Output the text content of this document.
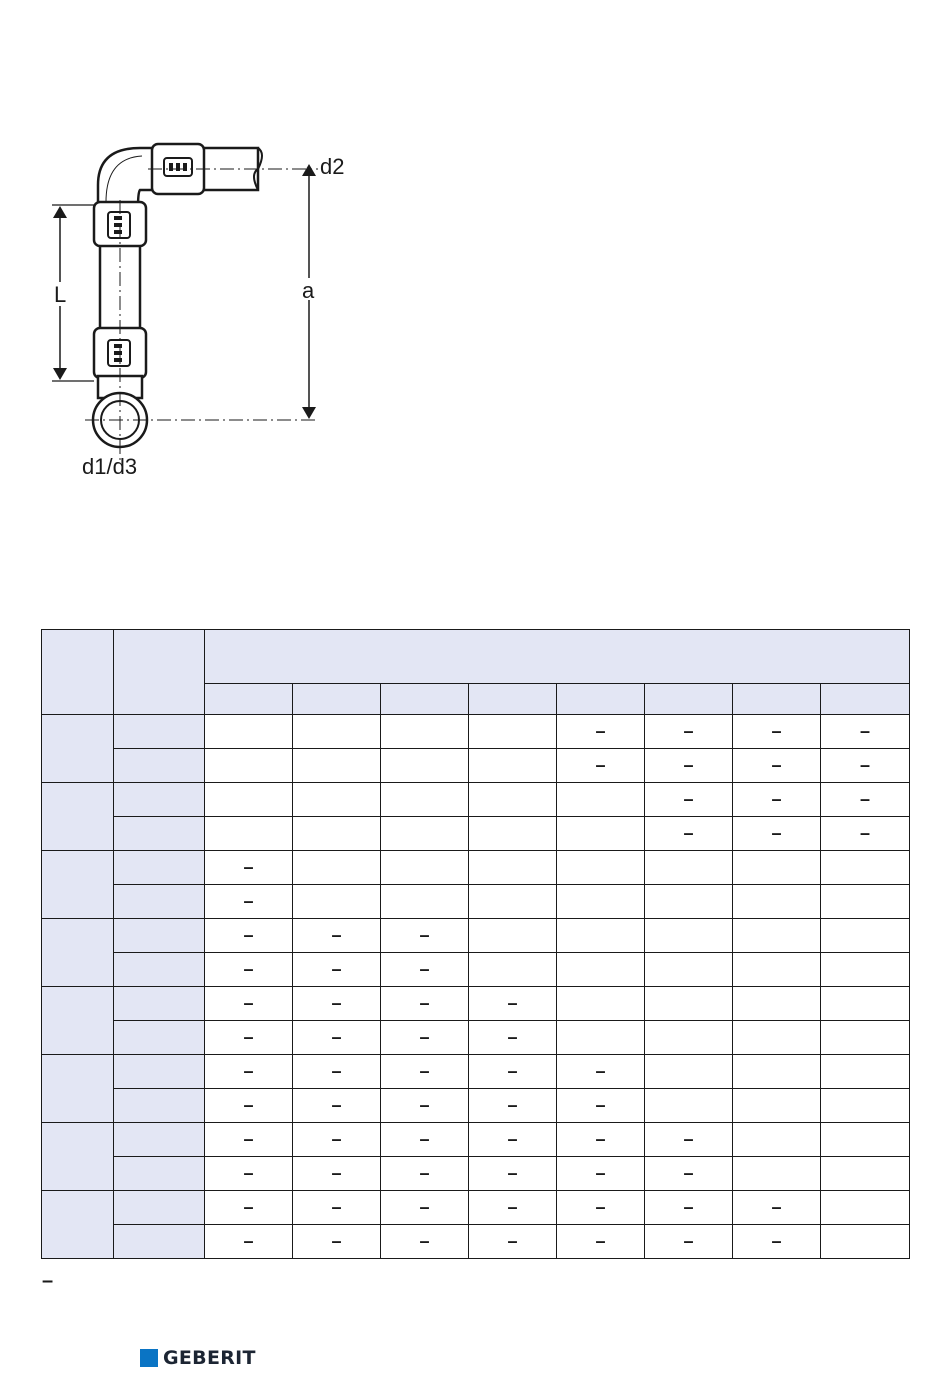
d2
a
L
d1/d3

						–	–	–	–
						–	–	–	–
							–	–	–
							–	–	–
		–							
		–							
		–	–	–					
		–	–	–					
		–	–	–	–				
		–	–	–	–				
		–	–	–	–	–			
		–	–	–	–	–			
		–	–	–	–	–	–		
		–	–	–	–	–	–		
		–	–	–	–	–	–	–	
		–	–	–	–	–	–	–	
–
GEBERIT
